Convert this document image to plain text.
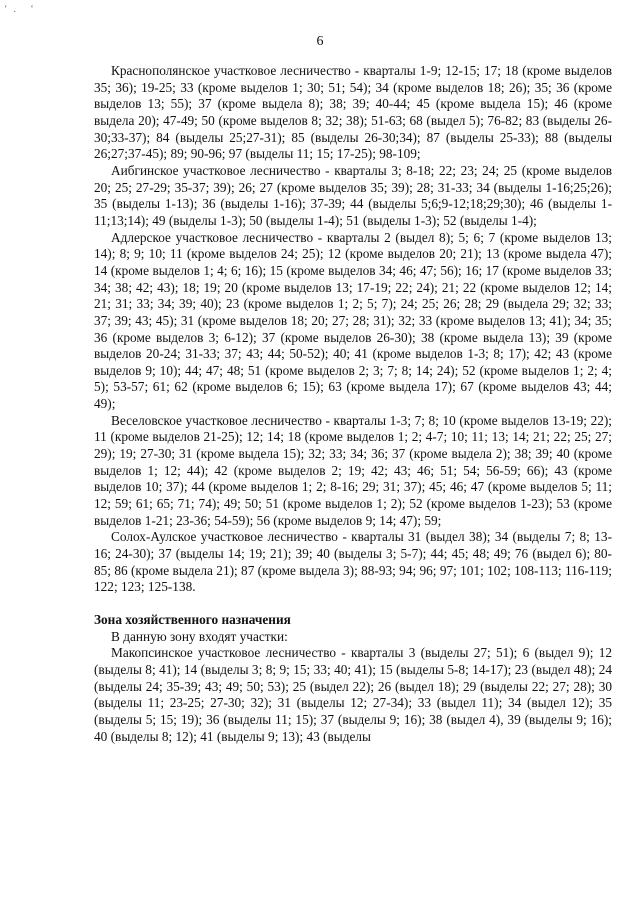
ʻ. ʻ
6

Краснополянское участковое лесничество - кварталы 1-9; 12-15; 17; 18 (кроме выделов 35; 36); 19-25; 33 (кроме выделов 1; 30; 51; 54); 34 (кроме выделов 18; 26); 35; 36 (кроме выделов 13; 55); 37 (кроме выдела 8); 38; 39; 40-44; 45 (кроме выдела 15); 46 (кроме выдела 20); 47-49; 50 (кроме выделов 8; 32; 38); 51-63; 68 (выдел 5); 76-82; 83 (выделы 26-30;33-37); 84 (выделы 25;27-31); 85 (выделы 26-30;34); 87 (выделы 25-33); 88 (выделы 26;27;37-45); 89; 90-96; 97 (выделы 11; 15; 17-25); 98-109;

Аибгинское участковое лесничество - кварталы 3; 8-18; 22; 23; 24; 25 (кроме выделов 20; 25; 27-29; 35-37; 39); 26; 27 (кроме выделов 35; 39); 28; 31-33; 34 (выделы 1-16;25;26); 35 (выделы 1-13); 36 (выделы 1-16); 37-39; 44 (выделы 5;6;9-12;18;29;30); 46 (выделы 1-11;13;14); 49 (выделы 1-3); 50 (выделы 1-4); 51 (выделы 1-3); 52 (выделы 1-4);

Адлерское участковое лесничество - кварталы 2 (выдел 8); 5; 6; 7 (кроме выделов 13; 14); 8; 9; 10; 11 (кроме выделов 24; 25); 12 (кроме выделов 20; 21); 13 (кроме выдела 47); 14 (кроме выделов 1; 4; 6; 16); 15 (кроме выделов 34; 46; 47; 56); 16; 17 (кроме выделов 33; 34; 38; 42; 43); 18; 19; 20 (кроме выделов 13; 17-19; 22; 24); 21; 22 (кроме выделов 12; 14; 21; 31; 33; 34; 39; 40); 23 (кроме выделов 1; 2; 5; 7); 24; 25; 26; 28; 29 (выдела 29; 32; 33; 37; 39; 43; 45); 31 (кроме выделов 18; 20; 27; 28; 31); 32; 33 (кроме выделов 13; 41); 34; 35; 36 (кроме выделов 3; 6-12); 37 (кроме выделов 26-30); 38 (кроме выдела 13); 39 (кроме выделов 20-24; 31-33; 37; 43; 44; 50-52); 40; 41 (кроме выделов 1-3; 8; 17); 42; 43 (кроме выделов 9; 10); 44; 47; 48; 51 (кроме выделов 2; 3; 7; 8; 14; 24); 52 (кроме выделов 1; 2; 4; 5); 53-57; 61; 62 (кроме выделов 6; 15); 63 (кроме выдела 17); 67 (кроме выделов 43; 44; 49);

Веселовское участковое лесничество - кварталы 1-3; 7; 8; 10 (кроме выделов 13-19; 22); 11 (кроме выделов 21-25); 12; 14; 18 (кроме выделов 1; 2; 4-7; 10; 11; 13; 14; 21; 22; 25; 27; 29); 19; 27-30; 31 (кроме выдела 15); 32; 33; 34; 36; 37 (кроме выдела 2); 38; 39; 40 (кроме выделов 1; 12; 44); 42 (кроме выделов 2; 19; 42; 43; 46; 51; 54; 56-59; 66); 43 (кроме выделов 10; 37); 44 (кроме выделов 1; 2; 8-16; 29; 31; 37); 45; 46; 47 (кроме выделов 5; 11; 12; 59; 61; 65; 71; 74); 49; 50; 51 (кроме выделов 1; 2); 52 (кроме выделов 1-23); 53 (кроме выделов 1-21; 23-36; 54-59); 56 (кроме выделов 9; 14; 47); 59;

Солох-Аулское участковое лесничество - кварталы 31 (выдел 38); 34 (выделы 7; 8; 13-16; 24-30); 37 (выделы 14; 19; 21); 39; 40 (выделы 3; 5-7); 44; 45; 48; 49; 76 (выдел 6); 80-85; 86 (кроме выдела 21); 87 (кроме выдела 3); 88-93; 94; 96; 97; 101; 102; 108-113; 116-119; 122; 123; 125-138.

Зона хозяйственного назначения

В данную зону входят участки:

Макопсинское участковое лесничество - кварталы 3 (выделы 27; 51); 6 (выдел 9); 12 (выделы 8; 41); 14 (выделы 3; 8; 9; 15; 33; 40; 41); 15 (выделы 5-8; 14-17); 23 (выдел 48); 24 (выделы 24; 35-39; 43; 49; 50; 53); 25 (выдел 22); 26 (выдел 18); 29 (выделы 22; 27; 28); 30 (выделы 11; 23-25; 27-30; 32); 31 (выделы 12; 27-34); 33 (выдел 11); 34 (выдел 12); 35 (выделы 5; 15; 19); 36 (выделы 11; 15); 37 (выделы 9; 16); 38 (выдел 4), 39 (выделы 9; 16); 40 (выделы 8; 12); 41 (выделы 9; 13); 43 (выделы
